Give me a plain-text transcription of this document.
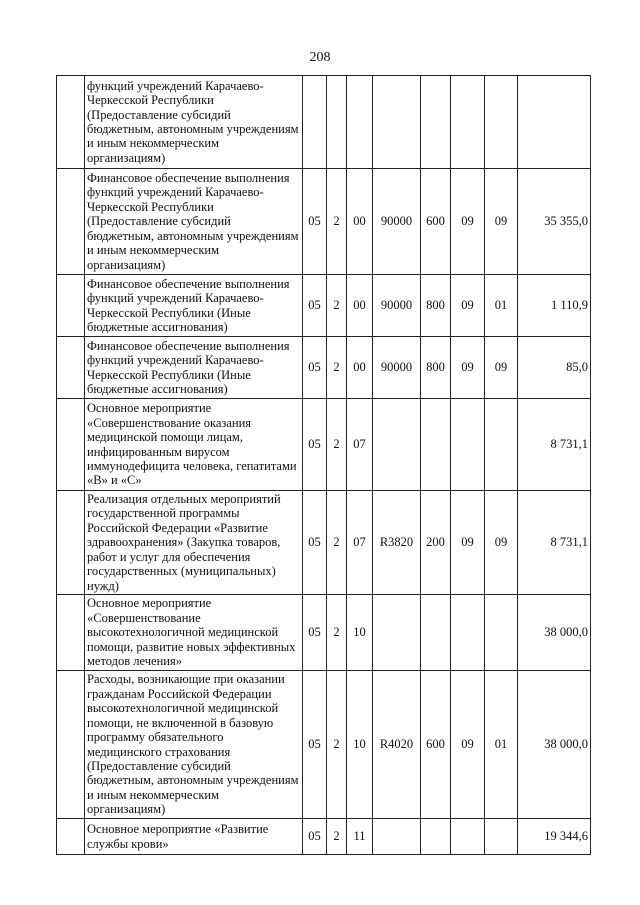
208
	функций учреждений Карачаево-Черкесской Республики (Предоставление субсидий бюджетным, автономным учреждениям и иным некоммерческим организациям)								
	Финансовое обеспечение выполнения функций учреждений Карачаево-Черкесской Республики (Предоставление субсидий бюджетным, автономным учреждениям и иным некоммерческим организациям)	05	2	00	90000	600	09	09	35 355,0
	Финансовое обеспечение выполнения функций учреждений Карачаево-Черкесской Республики (Иные бюджетные ассигнования)	05	2	00	90000	800	09	01	1 110,9
	Финансовое обеспечение выполнения функций учреждений Карачаево-Черкесской Республики (Иные бюджетные ассигнования)	05	2	00	90000	800	09	09	85,0
	Основное мероприятие «Совершенствование оказания медицинской помощи лицам, инфицированным вирусом иммунодефицита человека, гепатитами «В» и «С»	05	2	07					8 731,1
	Реализация отдельных мероприятий государственной программы Российской Федерации «Развитие здравоохранения» (Закупка товаров, работ и услуг для обеспечения государственных (муниципальных) нужд)	05	2	07	R3820	200	09	09	8 731,1
	Основное мероприятие «Совершенствование высокотехнологичной медицинской помощи, развитие новых эффективных методов лечения»	05	2	10					38 000,0
	Расходы, возникающие при оказании гражданам Российской Федерации высокотехнологичной медицинской помощи, не включенной в базовую программу обязательного медицинского страхования (Предоставление субсидий бюджетным, автономным учреждениям и иным некоммерческим организациям)	05	2	10	R4020	600	09	01	38 000,0
	Основное мероприятие «Развитие службы крови»	05	2	11					19 344,6
